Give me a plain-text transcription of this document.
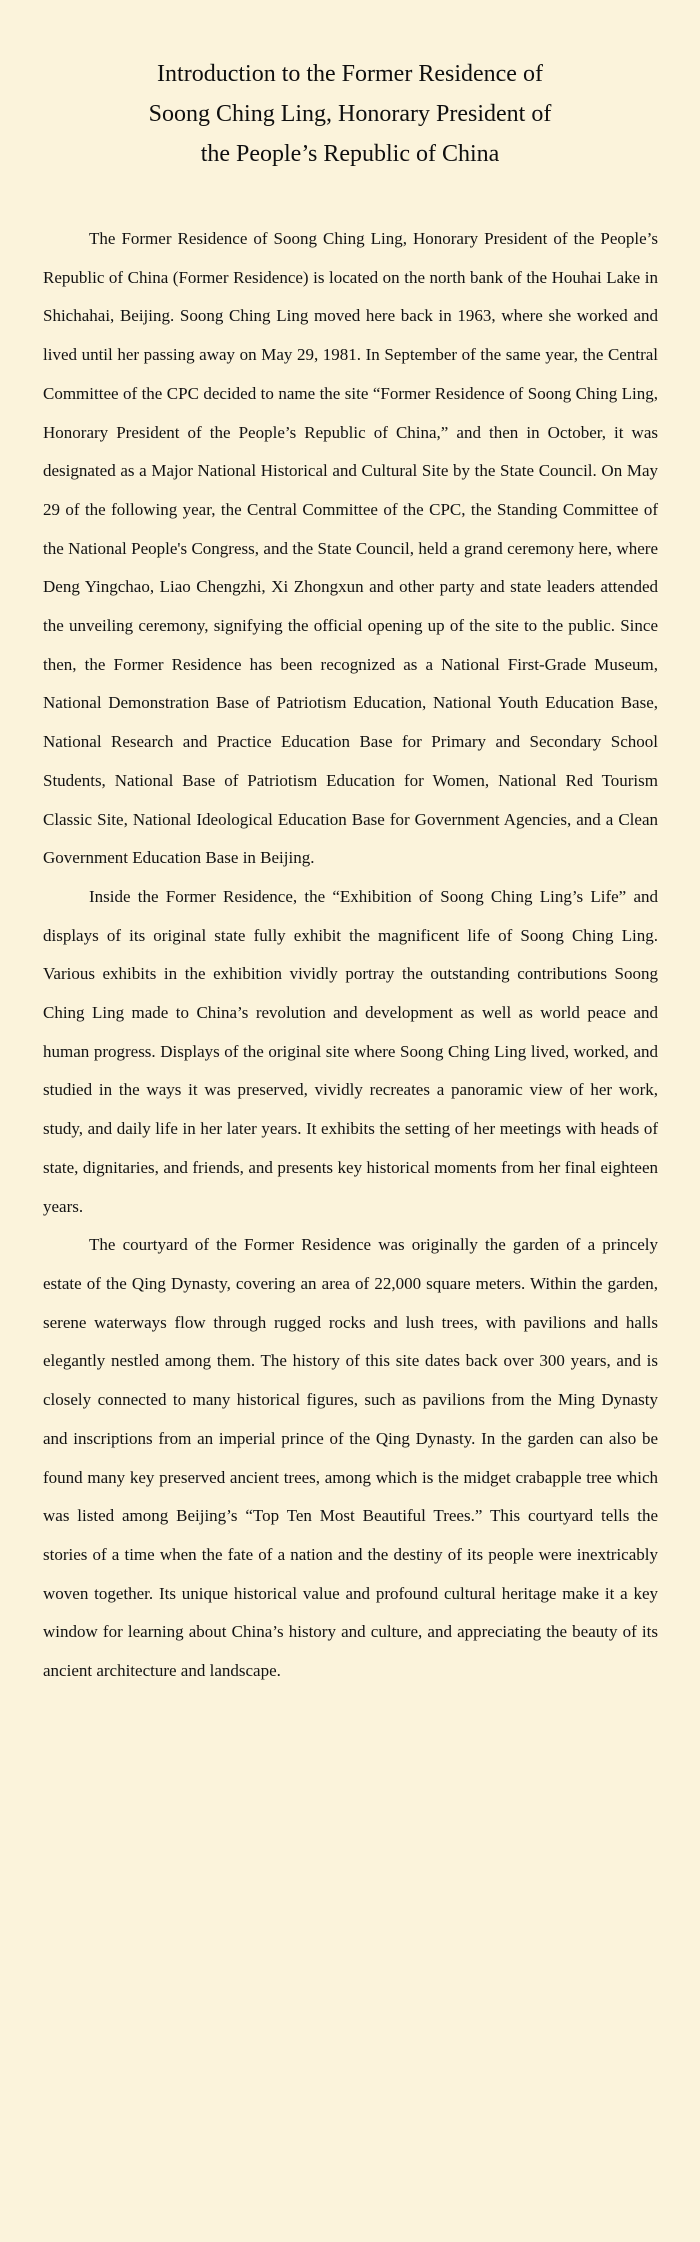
Introduction to the Former Residence of
Soong Ching Ling, Honorary President of
the People’s Republic of China

The Former Residence of Soong Ching Ling, Honorary President of the People’s Republic of China (Former Residence) is located on the north bank of the Houhai Lake in Shichahai, Beijing. Soong Ching Ling moved here back in 1963, where she worked and lived until her passing away on May 29, 1981. In September of the same year, the Central Committee of the CPC decided to name the site “Former Residence of Soong Ching Ling, Honorary President of the People’s Republic of China,” and then in October, it was designated as a Major National Historical and Cultural Site by the State Council. On May 29 of the following year, the Central Committee of the CPC, the Standing Committee of the National People's Congress, and the State Council, held a grand ceremony here, where Deng Yingchao, Liao Chengzhi, Xi Zhongxun and other party and state leaders attended the unveiling ceremony, signifying the official opening up of the site to the public. Since then, the Former Residence has been recognized as a National First-Grade Museum, National Demonstration Base of Patriotism Education, National Youth Education Base, National Research and Practice Education Base for Primary and Secondary School Students, National Base of Patriotism Education for Women, National Red Tourism Classic Site, National Ideological Education Base for Government Agencies, and a Clean Government Education Base in Beijing.

Inside the Former Residence, the “Exhibition of Soong Ching Ling’s Life” and displays of its original state fully exhibit the magnificent life of Soong Ching Ling. Various exhibits in the exhibition vividly portray the outstanding contributions Soong Ching Ling made to China’s revolution and development as well as world peace and human progress. Displays of the original site where Soong Ching Ling lived, worked, and studied in the ways it was preserved, vividly recreates a panoramic view of her work, study, and daily life in her later years. It exhibits the setting of her meetings with heads of state, dignitaries, and friends, and presents key historical moments from her final eighteen years.

The courtyard of the Former Residence was originally the garden of a princely estate of the Qing Dynasty, covering an area of 22,000 square meters. Within the garden, serene waterways flow through rugged rocks and lush trees, with pavilions and halls elegantly nestled among them. The history of this site dates back over 300 years, and is closely connected to many historical figures, such as pavilions from the Ming Dynasty and inscriptions from an imperial prince of the Qing Dynasty. In the garden can also be found many key preserved ancient trees, among which is the midget crabapple tree which was listed among Beijing’s “Top Ten Most Beautiful Trees.” This courtyard tells the stories of a time when the fate of a nation and the destiny of its people were inextricably woven together. Its unique historical value and profound cultural heritage make it a key window for learning about China’s history and culture, and appreciating the beauty of its ancient architecture and landscape.
